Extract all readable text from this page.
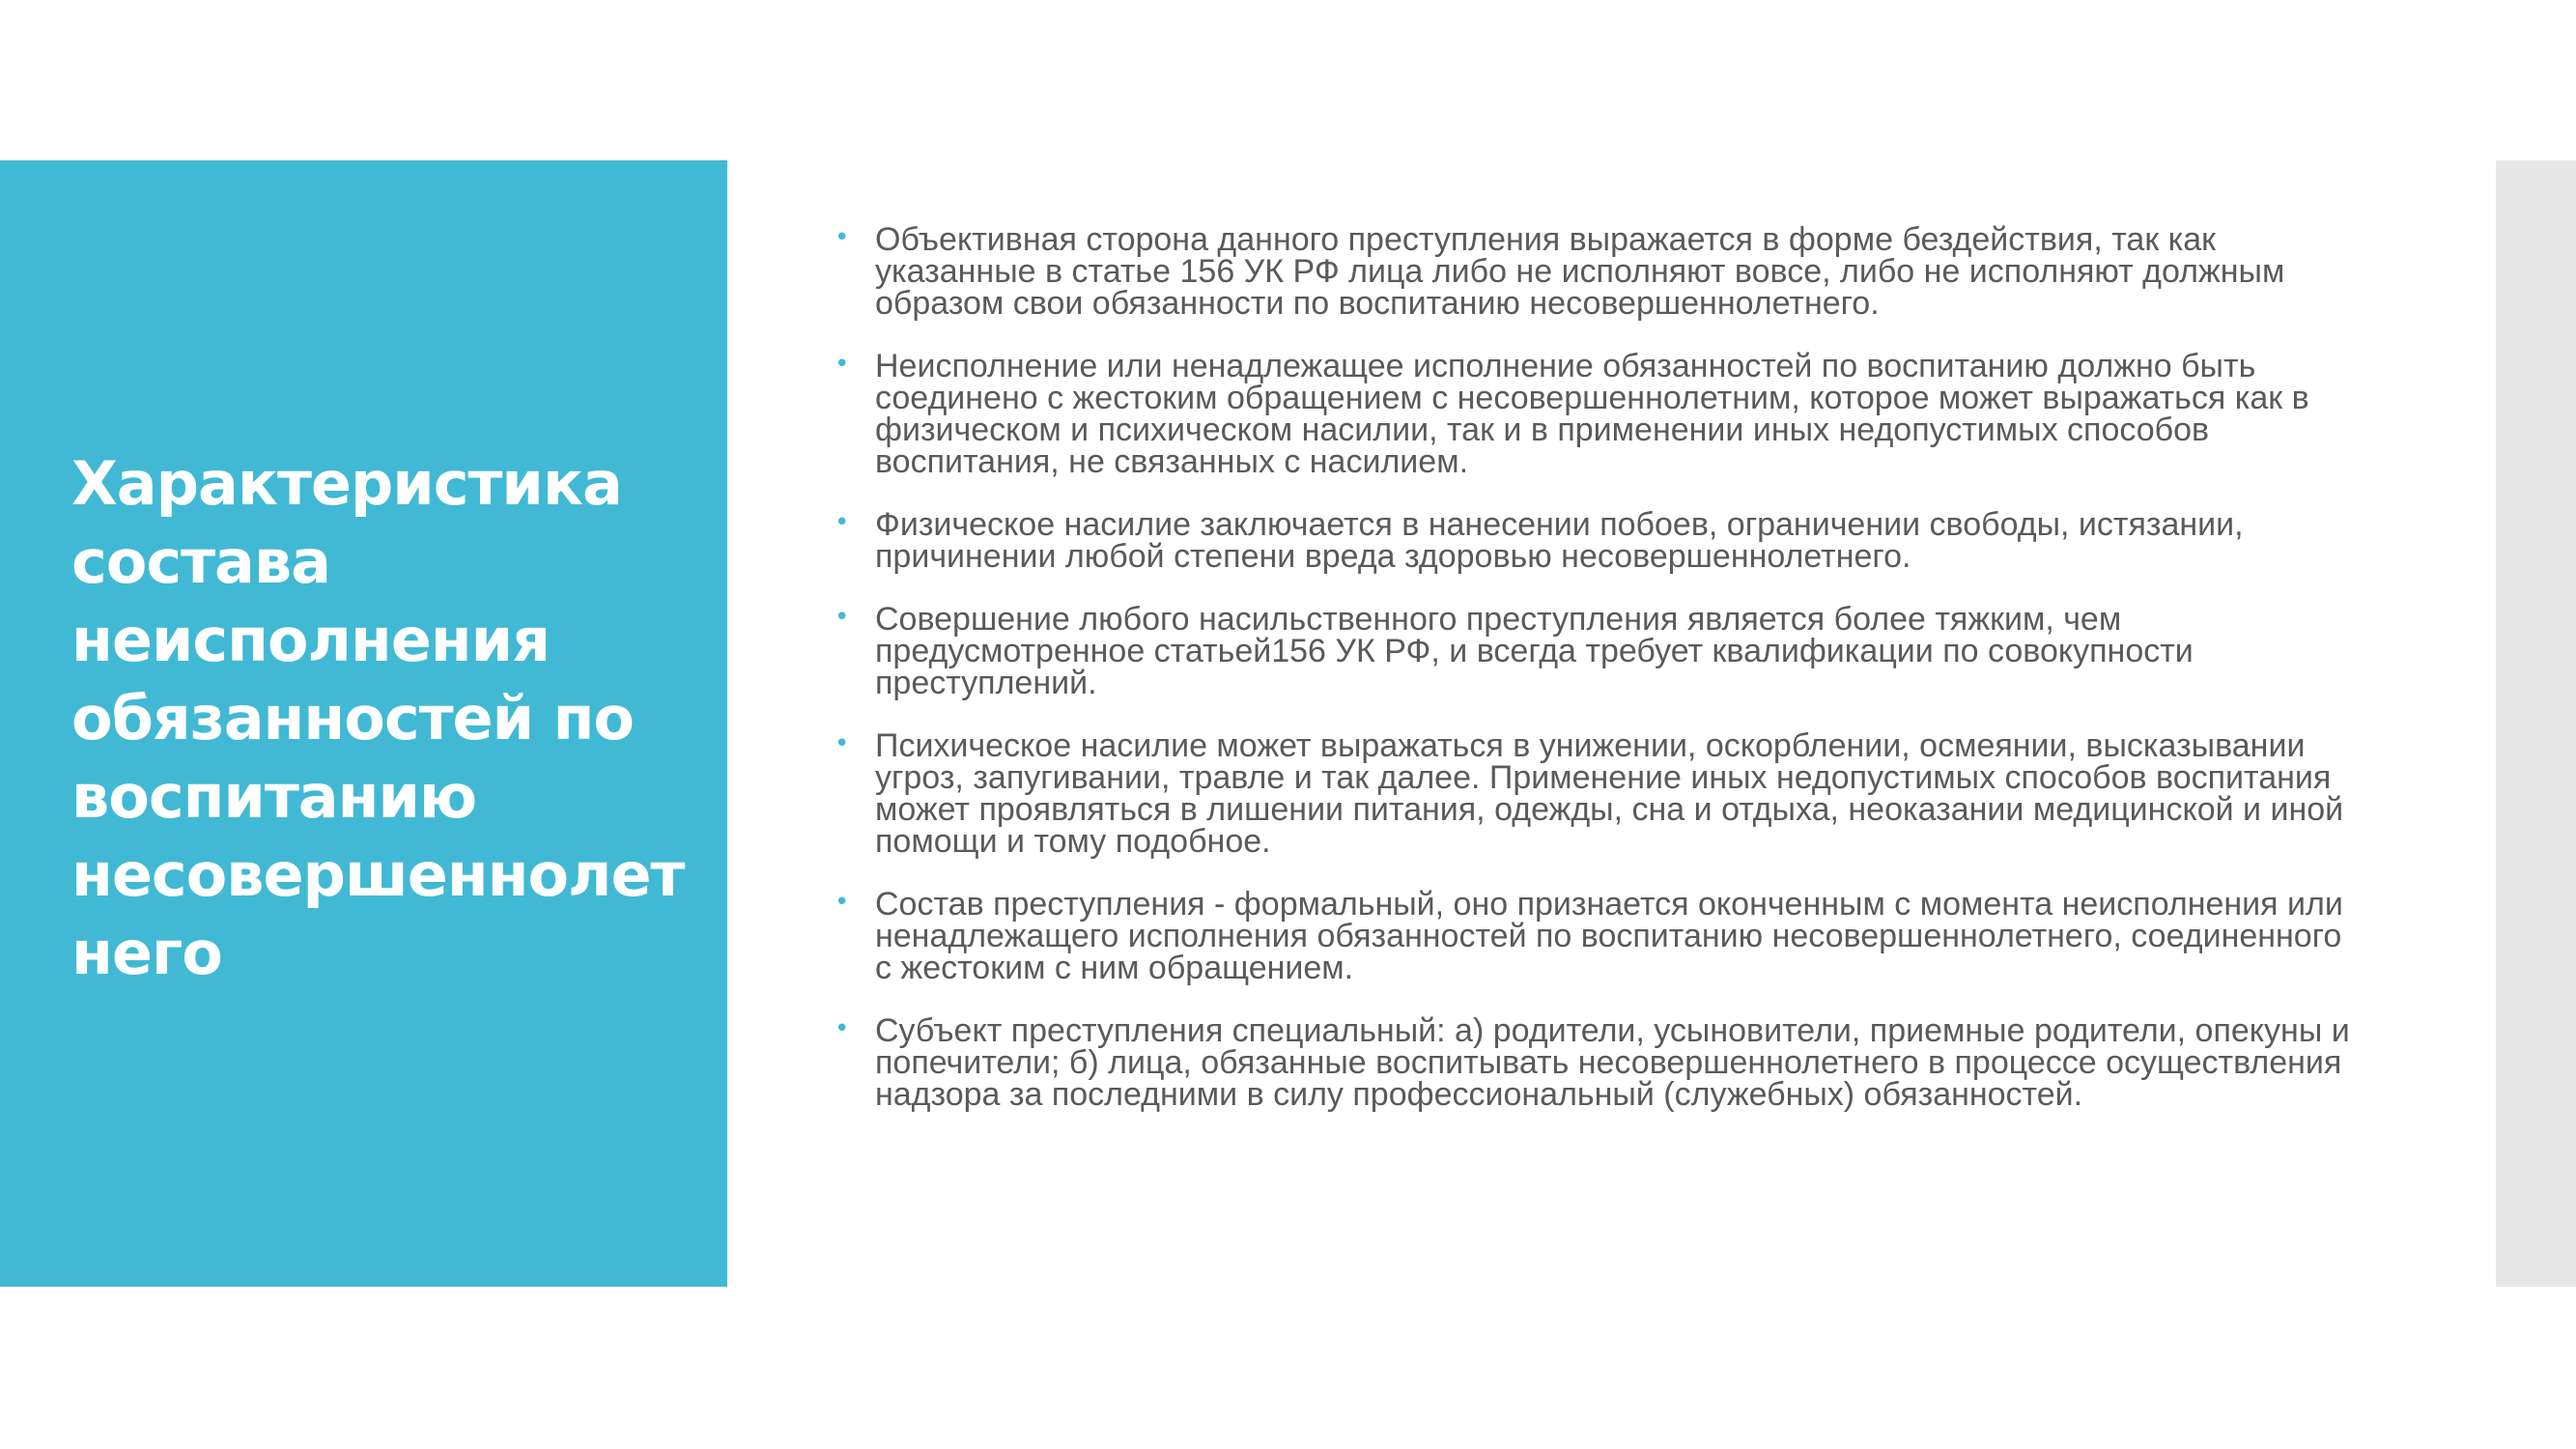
Характеристика состава неисполнения обязанностей по воспитанию несовершеннолетнего
• Объективная сторона данного преступления выражается в форме бездействия, так как указанные в статье 156 УК РФ лица либо не исполняют вовсе, либо не исполняют должным образом свои обязанности по воспитанию несовершеннолетнего.
• Неисполнение или ненадлежащее исполнение обязанностей по воспитанию должно быть соединено с жестоким обращением с несовершеннолетним, которое может выражаться как в физическом и психическом насилии, так и в применении иных недопустимых способов воспитания, не связанных с насилием.
• Физическое насилие заключается в нанесении побоев, ограничении свободы, истязании, причинении любой степени вреда здоровью несовершеннолетнего.
• Совершение любого насильственного преступления является более тяжким, чем предусмотренное статьей156 УК РФ, и всегда требует квалификации по совокупности преступлений.
• Психическое насилие может выражаться в унижении, оскорблении, осмеянии, высказывании угроз, запугивании, травле и так далее. Применение иных недопустимых способов воспитания может проявляться в лишении питания, одежды, сна и отдыха, неоказании медицинской и иной помощи и тому подобное.
• Состав преступления - формальный, оно признается оконченным с момента неисполнения или ненадлежащего исполнения обязанностей по воспитанию несовершеннолетнего, соединенного с жестоким с ним обращением.
• Субъект преступления специальный: а) родители, усыновители, приемные родители, опекуны и попечители; б) лица, обязанные воспитывать несовершеннолетнего в процессе осуществления надзора за последними в силу профессиональный (служебных) обязанностей.
